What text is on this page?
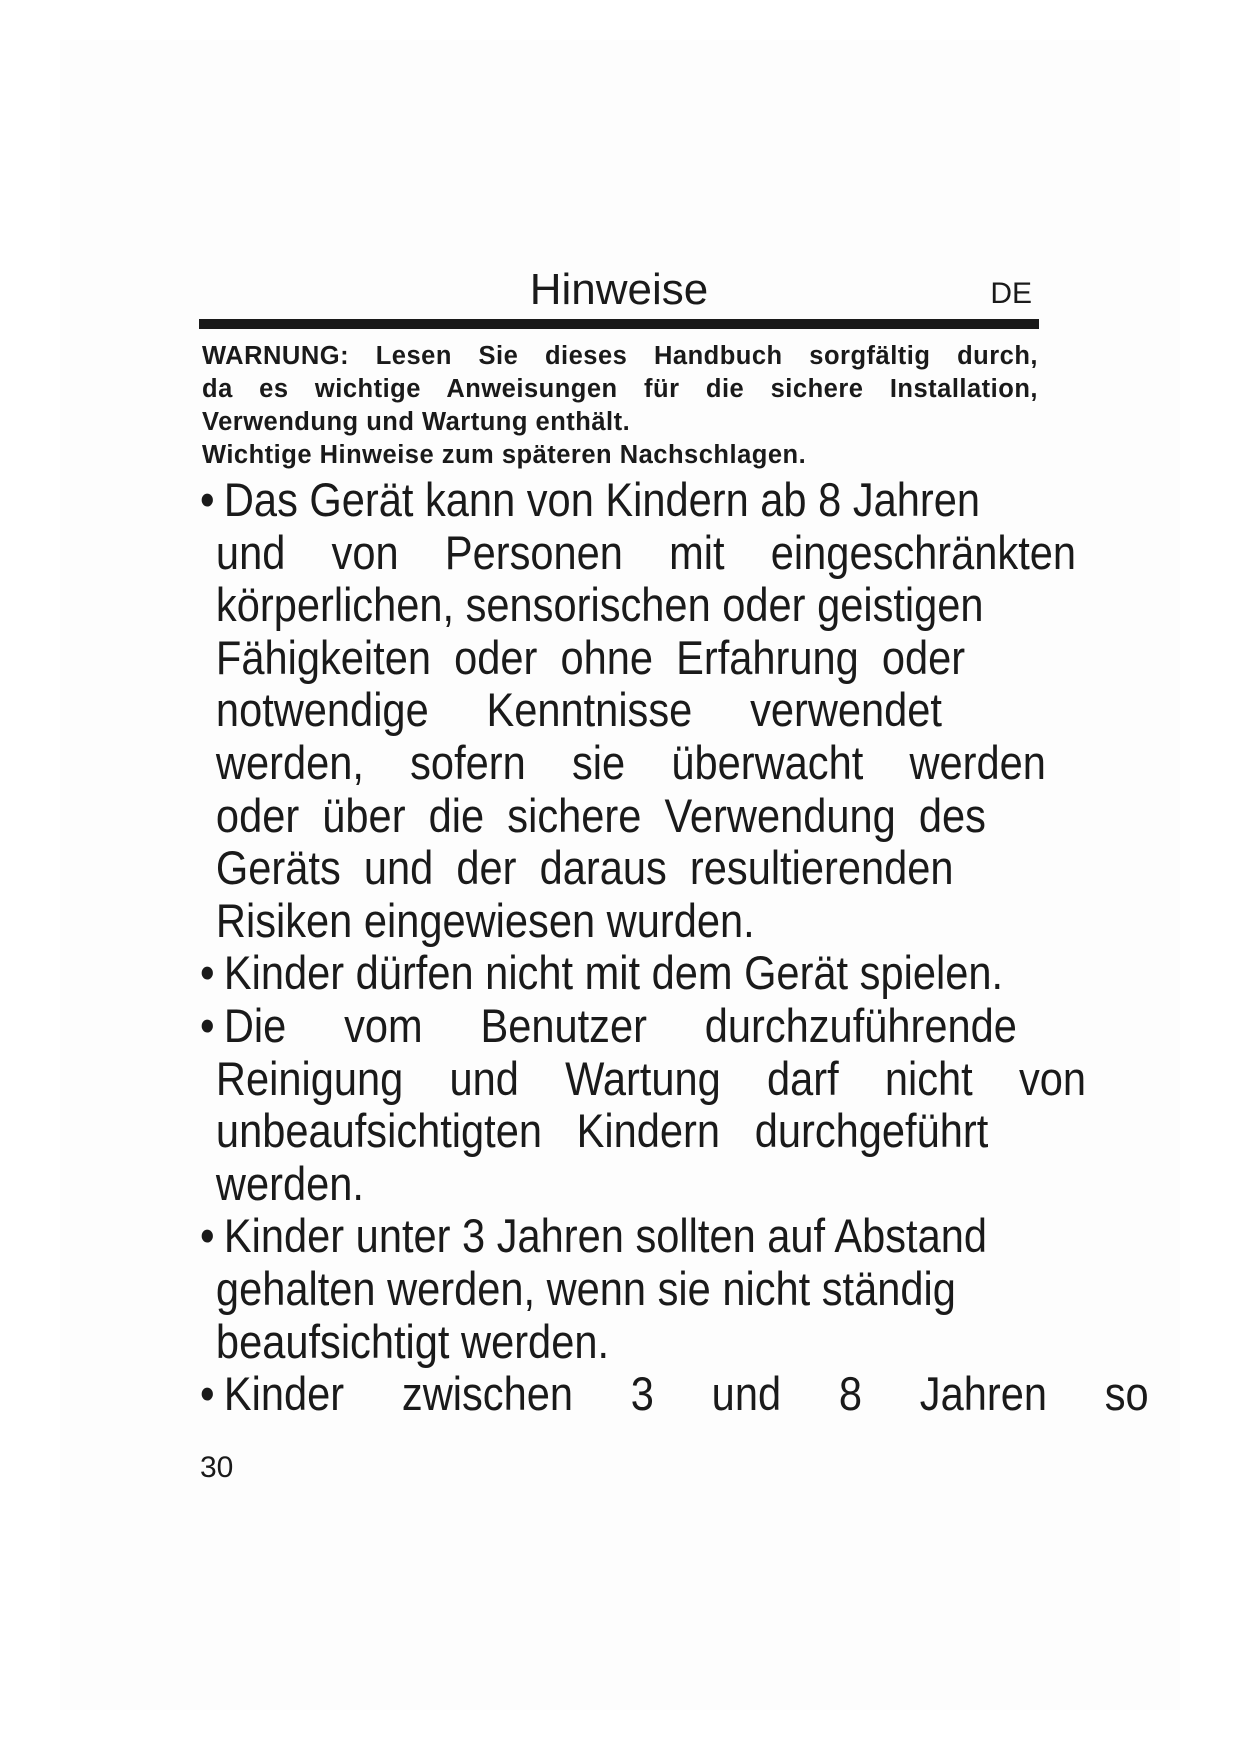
Hinweise	DE
WARNUNG: Lesen Sie dieses Handbuch sorgfältig durch,
da es wichtige Anweisungen für die sichere Installation,
Verwendung und Wartung enthält.
Wichtige Hinweise zum späteren Nachschlagen.
• Das Gerät kann von Kindern ab 8 Jahren
und    von    Personen    mit    eingeschränkten
körperlichen, sensorischen oder geistigen
Fähigkeiten  oder  ohne  Erfahrung  oder
notwendige     Kenntnisse     verwendet
werden,    sofern    sie    überwacht    werden
oder  über  die  sichere  Verwendung  des
Geräts  und  der  daraus  resultierenden
Risiken eingewiesen wurden.
• Kinder dürfen nicht mit dem Gerät spielen.
• Die     vom     Benutzer     durchzuführende
Reinigung    und    Wartung    darf    nicht    von
unbeaufsichtigten   Kindern   durchgeführt
werden.
• Kinder unter 3 Jahren sollten auf Abstand
gehalten werden, wenn sie nicht ständig
beaufsichtigt werden.
• Kinder     zwischen     3     und     8     Jahren     so
30
